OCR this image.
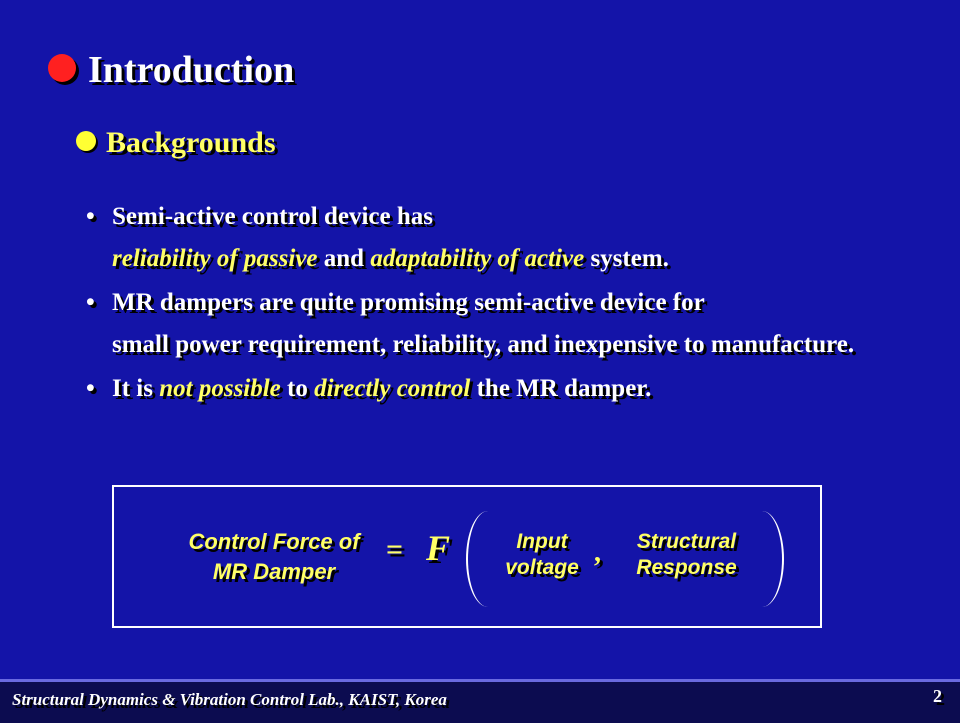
Introduction
Backgrounds
• Semi-active control device has
reliability of passive and adaptability of active system.
• MR dampers are quite promising semi-active device for
small power requirement, reliability, and inexpensive to manufacture.
• It is not possible to directly control the MR damper.
Control Force of
MR Damper
= F	Input
voltage ,	Structural
Response
Structural Dynamics & Vibration Control Lab., KAIST, Korea	2
